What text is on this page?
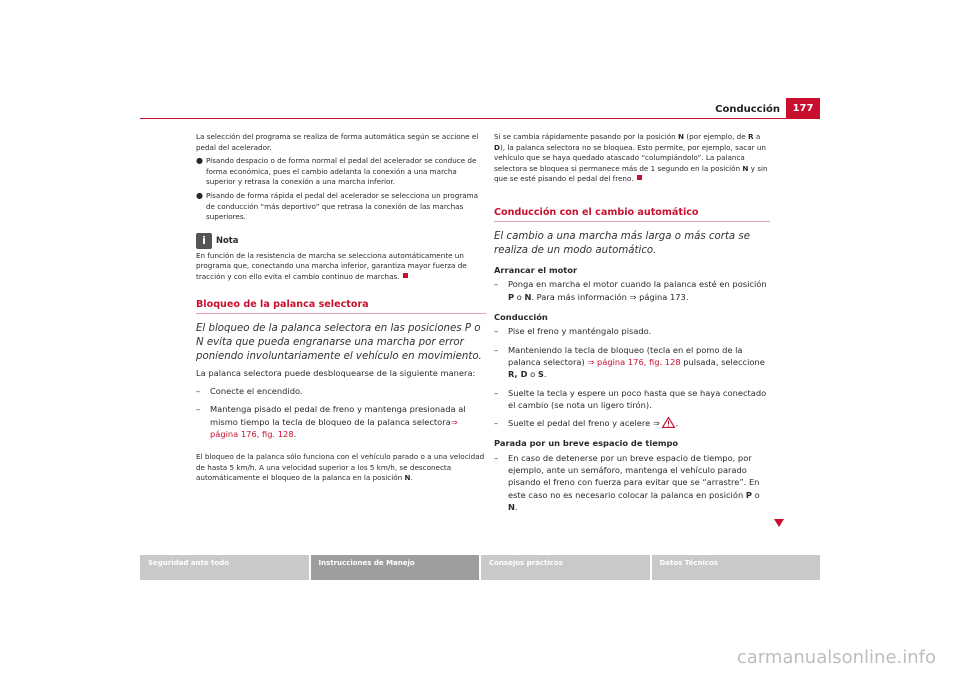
Conducción	177

La selección del programa se realiza de forma automática según se accione el pedal del acelerador.

● Pisando despacio o de forma normal el pedal del acelerador se conduce de forma económica, pues el cambio adelanta la conexión a una marcha superior y retrasa la conexión a una marcha inferior.
● Pisando de forma rápida el pedal del acelerador se selecciona un programa de conducción “más deportivo” que retrasa la conexión de las marchas superiores.
i	Nota

En función de la resistencia de marcha se selecciona automáticamente un programa que, conectando una marcha inferior, garantiza mayor fuerza de tracción y con ello evita el cambio continuo de marchas.

Bloqueo de la palanca selectora

El bloqueo de la palanca selectora en las posiciones P o N evita que pueda engranarse una marcha por error poniendo involuntariamente el vehículo en movimiento.

La palanca selectora puede desbloquearse de la siguiente manera:

–	Conecte el encendido.
–	Mantenga pisado el pedal de freno y mantenga presionada al mismo tiempo la tecla de bloqueo de la palanca selectora⇒ página 176, fig. 128.

El bloqueo de la palanca sólo funciona con el vehículo parado o a una velocidad de hasta 5 km/h. A una velocidad superior a los 5 km/h, se desconecta automáticamente el bloqueo de la palanca en la posición N.

Si se cambia rápidamente pasando por la posición N (por ejemplo, de R a D), la palanca selectora no se bloquea. Esto permite, por ejemplo, sacar un vehículo que se haya quedado atascado “columpiándolo”. La palanca selectora se bloquea si permanece más de 1 segundo en la posición N y sin que se esté pisando el pedal del freno.

Conducción con el cambio automático

El cambio a una marcha más larga o más corta se realiza de un modo automático.

Arrancar el motor

–	Ponga en marcha el motor cuando la palanca esté en posición P o N. Para más información ⇒ página 173.

Conducción

–	Pise el freno y manténgalo pisado.
–	Manteniendo la tecla de bloqueo (tecla en el pomo de la palanca selectora) ⇒ página 176, fig. 128 pulsada, seleccione R, D o S.
–	Suelte la tecla y espere un poco hasta que se haya conectado el cambio (se nota un ligero tirón).
–	Suelte el pedal del freno y acelere ⇒ .

Parada por un breve espacio de tiempo

–	En caso de detenerse por un breve espacio de tiempo, por ejemplo, ante un semáforo, mantenga el vehículo parado pisando el freno con fuerza para evitar que se “arrastre”. En este caso no es necesario colocar la palanca en posición P o N.
Seguridad ante todo	Instrucciones de Manejo	Consejos prácticos	Datos Técnicos
carmanualsonline.info
